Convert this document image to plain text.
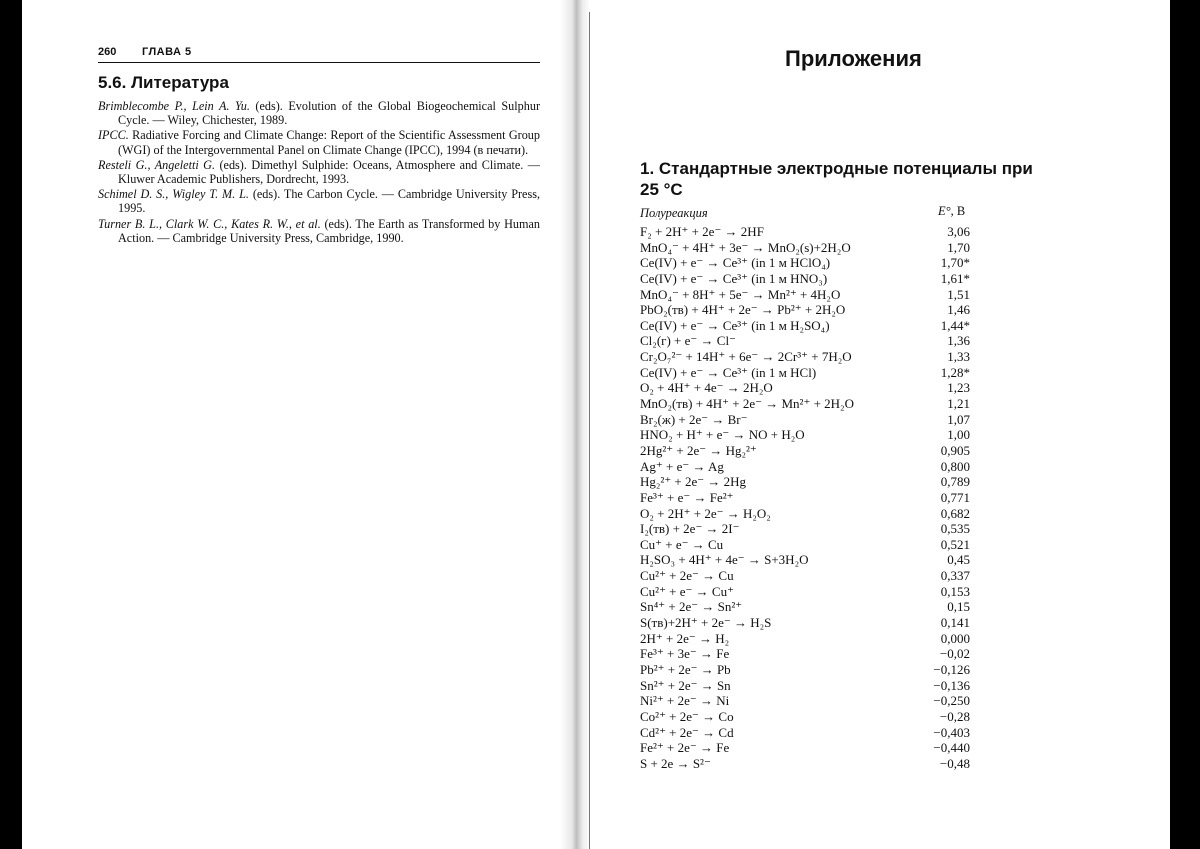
260 ГЛАВА 5
5.6. Литература
Brimblecombe P., Lein A. Yu. (eds). Evolution of the Global Biogeochemical Sulphur Cycle. — Wiley, Chichester, 1989.
IPCC. Radiative Forcing and Climate Change: Report of the Scientific Assessment Group (WGI) of the Intergovernmental Panel on Climate Change (IPCC), 1994 (в печати).
Resteli G., Angeletti G. (eds). Dimethyl Sulphide: Oceans, Atmosphere and Climate. — Kluwer Academic Publishers, Dordrecht, 1993.
Schimel D. S., Wigley T. M. L. (eds). The Carbon Cycle. — Cambridge University Press, 1995.
Turner B. L., Clark W. C., Kates R. W., et al. (eds). The Earth as Transformed by Human Action. — Cambridge University Press, Cambridge, 1990.
Приложения
1. Стандартные электродные потенциалы при 25 °С
Полуреакция	E°, В
F₂ + 2H⁺ + 2e⁻ → 2HF	3,06
MnO₄⁻ + 4H⁺ + 3e⁻ → MnO₂(s)+2H₂O	1,70
Ce(IV) + e⁻ → Ce³⁺ (in 1 м HClO₄)	1,70*
Ce(IV) + e⁻ → Ce³⁺ (in 1 м HNO₃)	1,61*
MnO₄⁻ + 8H⁺ + 5e⁻ → Mn²⁺ + 4H₂O	1,51
PbO₂(тв) + 4H⁺ + 2e⁻ → Pb²⁺ + 2H₂O	1,46
Ce(IV) + e⁻ → Ce³⁺ (in 1 м H₂SO₄)	1,44*
Cl₂(г) + e⁻ → Cl⁻	1,36
Cr₂O₇²⁻ + 14H⁺ + 6e⁻ → 2Cr³⁺ + 7H₂O	1,33
Ce(IV) + e⁻ → Ce³⁺ (in 1 м HCl)	1,28*
O₂ + 4H⁺ + 4e⁻ → 2H₂O	1,23
MnO₂(тв) + 4H⁺ + 2e⁻ → Mn²⁺ + 2H₂O	1,21
Br₂(ж) + 2e⁻ → Br⁻	1,07
HNO₂ + H⁺ + e⁻ → NO + H₂O	1,00
2Hg²⁺ + 2e⁻ → Hg₂²⁺	0,905
Ag⁺ + e⁻ → Ag	0,800
Hg₂²⁺ + 2e⁻ → 2Hg	0,789
Fe³⁺ + e⁻ → Fe²⁺	0,771
O₂ + 2H⁺ + 2e⁻ → H₂O₂	0,682
I₂(тв) + 2e⁻ → 2I⁻	0,535
Cu⁺ + e⁻ → Cu	0,521
H₂SO₃ + 4H⁺ + 4e⁻ → S+3H₂O	0,45
Cu²⁺ + 2e⁻ → Cu	0,337
Cu²⁺ + e⁻ → Cu⁺	0,153
Sn⁴⁺ + 2e⁻ → Sn²⁺	0,15
S(тв)+2H⁺ + 2e⁻ → H₂S	0,141
2H⁺ + 2e⁻ → H₂	0,000
Fe³⁺ + 3e⁻ → Fe	−0,02
Pb²⁺ + 2e⁻ → Pb	−0,126
Sn²⁺ + 2e⁻ → Sn	−0,136
Ni²⁺ + 2e⁻ → Ni	−0,250
Co²⁺ + 2e⁻ → Co	−0,28
Cd²⁺ + 2e⁻ → Cd	−0,403
Fe²⁺ + 2e⁻ → Fe	−0,440
S + 2e → S²⁻	−0,48
